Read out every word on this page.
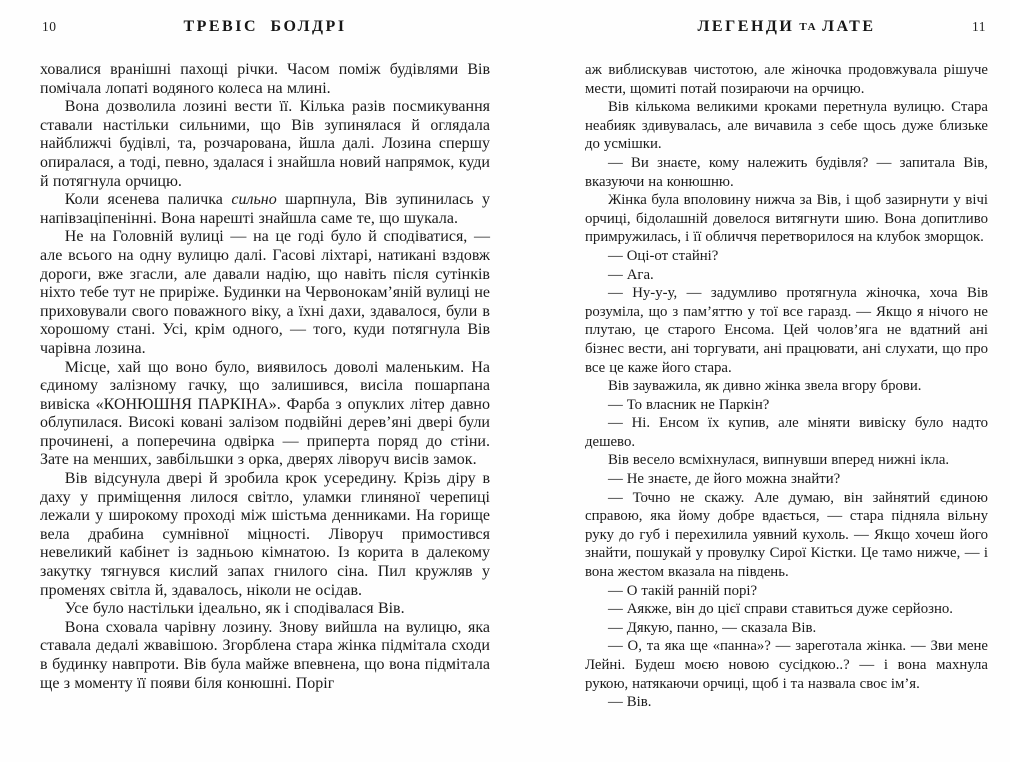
10	ТРЕВІС БОЛДРІ

ховалися вранішні пахощі річки. Часом поміж будівлями Вів помічала лопаті водяного колеса на млині.

Вона дозволила лозині вести її. Кілька разів посмикування ставали настільки сильними, що Вів зупинялася й оглядала найближчі будівлі, та, розчарована, йшла далі. Лозина спершу опиралася, а тоді, певно, здалася і знайшла новий напрямок, куди й потягнула орчицю.

Коли ясенева паличка сильно шарпнула, Вів зупинилась у напівзаціпенінні. Вона нарешті знайшла саме те, що шукала.

Не на Головній вулиці — на це годі було й сподіватися, — але всього на одну вулицю далі. Гасові ліхтарі, натикані вздовж дороги, вже згасли, але давали надію, що навіть після сутінків ніхто тебе тут не приріже. Будинки на Червонокам’яній вулиці не приховували свого поважного віку, а їхні дахи, здавалося, були в хорошому стані. Усі, крім одного, — того, куди потягнула Вів чарівна лозина.

Місце, хай що воно було, виявилось доволі маленьким. На єдиному залізному гачку, що залишився, висіла пошарпана вивіска «КОНЮШНЯ ПАРКІНА». Фарба з опуклих літер давно облупилася. Високі ковані залізом подвійні дерев’яні двері були прочинені, а поперечина одвірка — приперта поряд до стіни. Зате на менших, завбільшки з орка, дверях ліворуч висів замок.

Вів відсунула двері й зробила крок усередину. Крізь діру в даху у приміщення лилося світло, уламки глиняної черепиці лежали у широкому проході між шістьма денниками. На горище вела драбина сумнівної міцності. Ліворуч примостився невеликий кабінет із задньою кімнатою. Із корита в далекому закутку тягнувся кислий запах гнилого сіна. Пил кружляв у променях світла й, здавалось, ніколи не осідав.

Усе було настільки ідеально, як і сподівалася Вів.

Вона сховала чарівну лозину. Знову вийшла на вулицю, яка ставала дедалі жвавішою. Згорблена стара жінка підмітала сходи в будинку навпроти. Вів була майже впевнена, що вона підмітала ще з моменту її появи біля конюшні. Поріг

ЛЕГЕНДИ ТА ЛАТЕ	11

аж виблискував чистотою, але жіночка продовжувала рішуче мести, щомиті потай позираючи на орчицю.

Вів кількома великими кроками перетнула вулицю. Стара неабияк здивувалась, але вичавила з себе щось дуже близьке до усмішки.

— Ви знаєте, кому належить будівля? — запитала Вів, вказуючи на конюшню.

Жінка була вполовину нижча за Вів, і щоб зазирнути у вічі орчиці, бідолашній довелося витягнути шию. Вона допитливо примружилась, і її обличчя перетворилося на клубок зморщок.

— Оці-от стайні?

— Ага.

— Ну-у-у, — задумливо протягнула жіночка, хоча Вів розуміла, що з пам’яттю у тої все гаразд. — Якщо я нічого не плутаю, це старого Енсома. Цей чолов’яга не вдатний ані бізнес вести, ані торгувати, ані працювати, ані слухати, що про все це каже його стара.

Вів зауважила, як дивно жінка звела вгору брови.

— То власник не Паркін?

— Ні. Енсом їх купив, але міняти вивіску було надто дешево.

Вів весело всміхнулася, випнувши вперед нижні ікла.

— Не знаєте, де його можна знайти?

— Точно не скажу. Але думаю, він зайнятий єдиною справою, яка йому добре вдається, — стара підняла вільну руку до губ і перехилила уявний кухоль. — Якщо хочеш його знайти, пошукай у провулку Сирої Кістки. Це тамо нижче, — і вона жестом вказала на південь.

— О такій ранній порі?

— Аякже, він до цієї справи ставиться дуже серйозно.

— Дякую, панно, — сказала Вів.

— О, та яка ще «панна»? — зареготала жінка. — Зви мене Лейні. Будеш моєю новою сусідкою..? — і вона махнула рукою, натякаючи орчиці, щоб і та назвала своє ім’я.

— Вів.
